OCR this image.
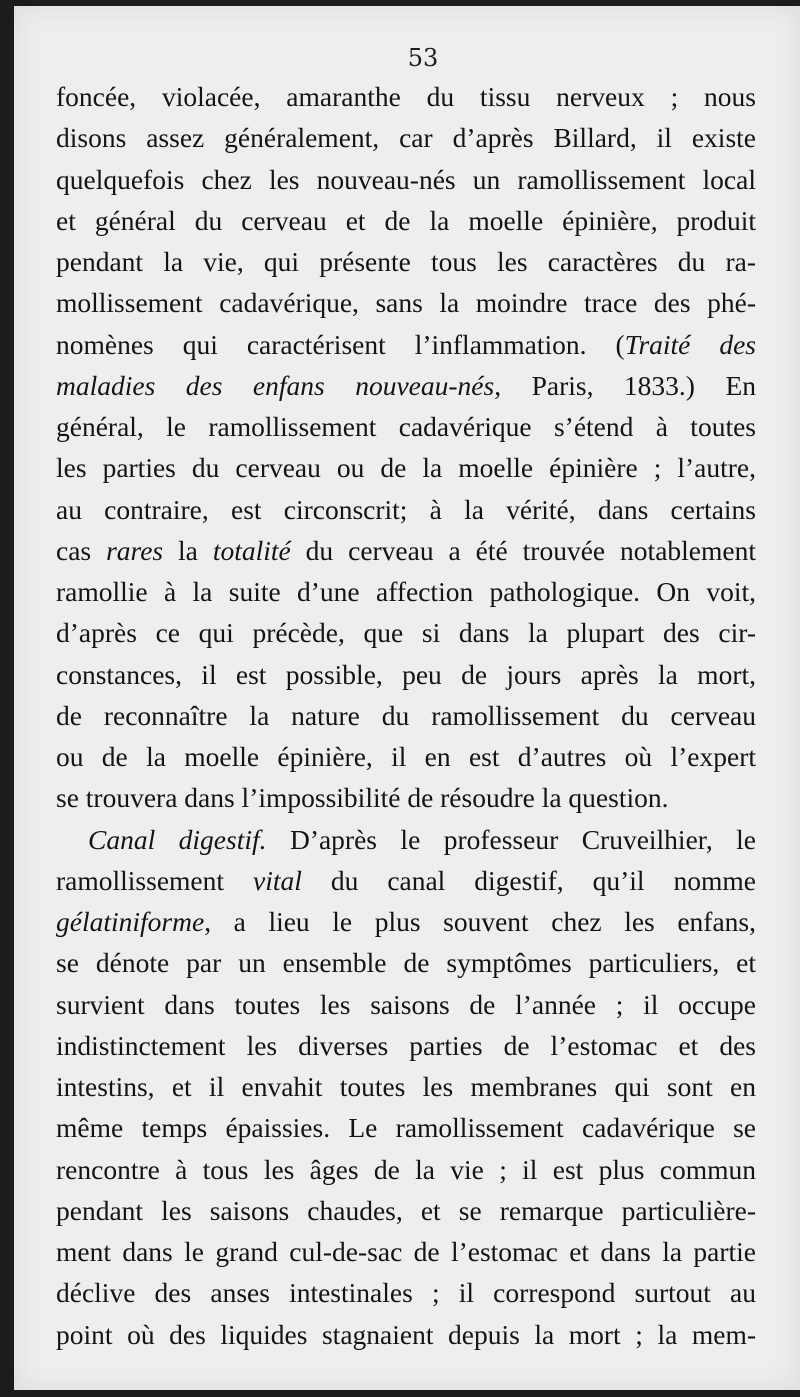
53
foncée, violacée, amaranthe du tissu nerveux ; nous
disons assez généralement, car d’après Billard, il existe
quelquefois chez les nouveau-nés un ramollissement local
et général du cerveau et de la moelle épinière, produit
pendant la vie, qui présente tous les caractères du ra-
mollissement cadavérique, sans la moindre trace des phé-
nomènes qui caractérisent l’inflammation. (Traité des
maladies des enfans nouveau-nés, Paris, 1833.) En
général, le ramollissement cadavérique s’étend à toutes
les parties du cerveau ou de la moelle épinière ; l’autre,
au contraire, est circonscrit; à la vérité, dans certains
cas rares la totalité du cerveau a été trouvée notablement
ramollie à la suite d’une affection pathologique. On voit,
d’après ce qui précède, que si dans la plupart des cir-
constances, il est possible, peu de jours après la mort,
de reconnaître la nature du ramollissement du cerveau
ou de la moelle épinière, il en est d’autres où l’expert
se trouvera dans l’impossibilité de résoudre la question.
Canal digestif. D’après le professeur Cruveilhier, le
ramollissement vital du canal digestif, qu’il nomme
gélatiniforme, a lieu le plus souvent chez les enfans,
se dénote par un ensemble de symptômes particuliers, et
survient dans toutes les saisons de l’année ; il occupe
indistinctement les diverses parties de l’estomac et des
intestins, et il envahit toutes les membranes qui sont en
même temps épaissies. Le ramollissement cadavérique se
rencontre à tous les âges de la vie ; il est plus commun
pendant les saisons chaudes, et se remarque particulière-
ment dans le grand cul-de-sac de l’estomac et dans la partie
déclive des anses intestinales ; il correspond surtout au
point où des liquides stagnaient depuis la mort ; la mem-
